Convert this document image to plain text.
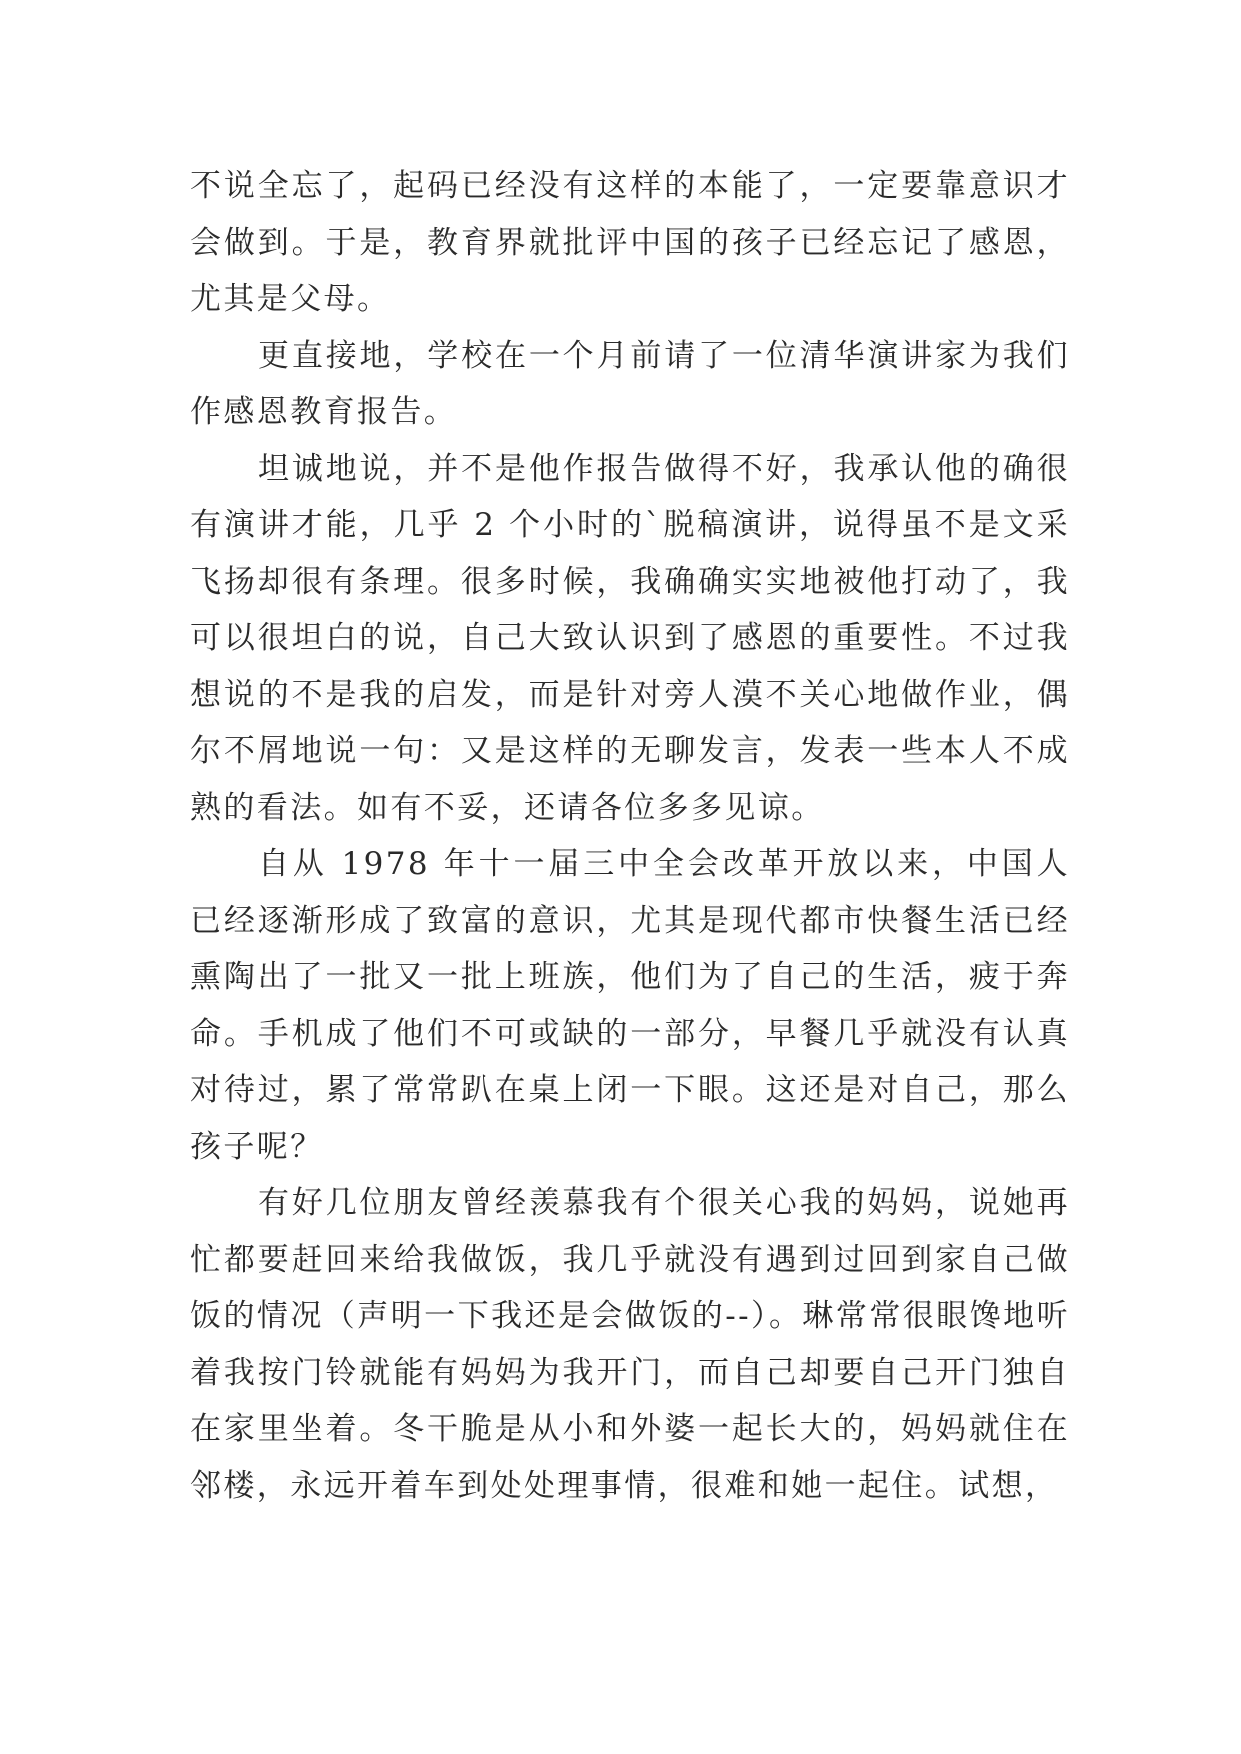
不说全忘了，起码已经没有这样的本能了，一定要靠意识才会做到。于是，教育界就批评中国的孩子已经忘记了感恩，尤其是父母。

更直接地，学校在一个月前请了一位清华演讲家为我们作感恩教育报告。

坦诚地说，并不是他作报告做得不好，我承认他的确很有演讲才能，几乎 2 个小时的`脱稿演讲，说得虽不是文采飞扬却很有条理。很多时候，我确确实实地被他打动了，我可以很坦白的说，自己大致认识到了感恩的重要性。不过我想说的不是我的启发，而是针对旁人漠不关心地做作业，偶尔不屑地说一句：又是这样的无聊发言，发表一些本人不成熟的看法。如有不妥，还请各位多多见谅。

自从 1978 年十一届三中全会改革开放以来，中国人已经逐渐形成了致富的意识，尤其是现代都市快餐生活已经熏陶出了一批又一批上班族，他们为了自己的生活，疲于奔命。手机成了他们不可或缺的一部分，早餐几乎就没有认真对待过，累了常常趴在桌上闭一下眼。这还是对自己，那么孩子呢？

有好几位朋友曾经羡慕我有个很关心我的妈妈，说她再忙都要赶回来给我做饭，我几乎就没有遇到过回到家自己做饭的情况（声明一下我还是会做饭的--）。琳常常很眼馋地听着我按门铃就能有妈妈为我开门，而自己却要自己开门独自在家里坐着。冬干脆是从小和外婆一起长大的，妈妈就住在邻楼，永远开着车到处处理事情，很难和她一起住。试想，
